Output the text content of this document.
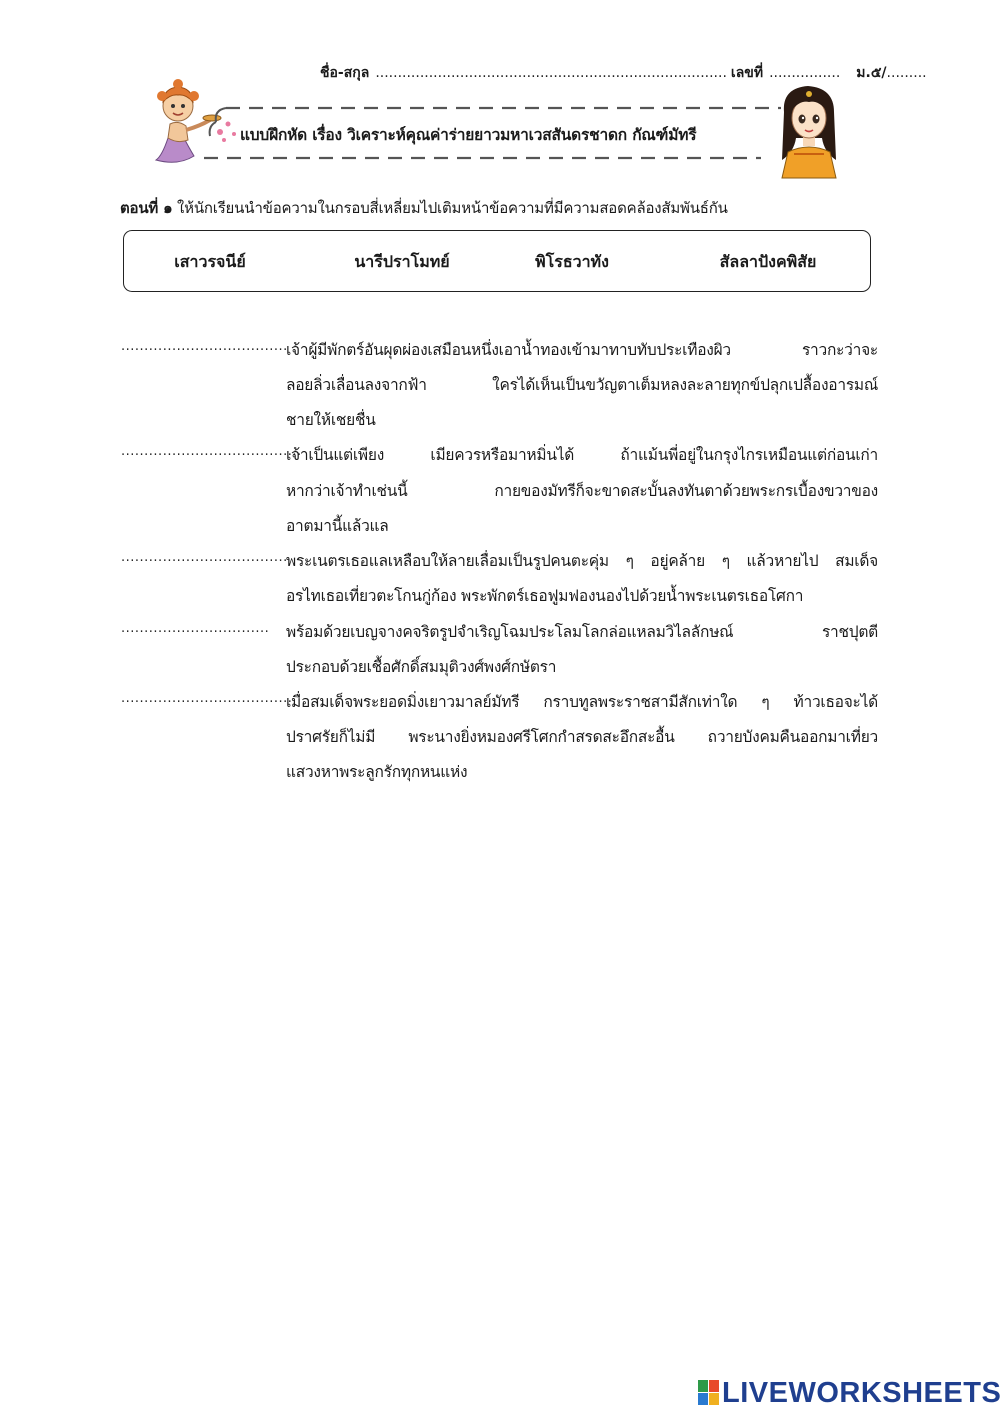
ชื่อ-สกุล ............................................................................... เลขที่ ................ ม.๕/ .........
แบบฝึกหัด เรื่อง วิเคราะห์คุณค่าร่ายยาวมหาเวสสันดรชาดก กัณฑ์มัทรี
ตอนที่ ๑ ให้นักเรียนนำข้อความในกรอบสี่เหลี่ยมไปเติมหน้าข้อความที่มีความสอดคล้องสัมพันธ์กัน
เสาวรจนีย์	นารีปราโมทย์	พิโรธวาทัง	สัลลาปังคพิสัย
....................................
เจ้าผู้มีพักตร์อันผุดผ่องเสมือนหนึ่งเอาน้ำทองเข้ามาทาบทับประเทืองผิว ราวกะว่าจะ
ลอยลิ่วเลื่อนลงจากฟ้า ใครได้เห็นเป็นขวัญตาเต็มหลงละลายทุกข์ปลุกเปลื้องอารมณ์
ชายให้เชยชื่น
.......................................
เจ้าเป็นแต่เพียง เมียควรหรือมาหมิ่นได้ ถ้าแม้นพี่อยู่ในกรุงไกรเหมือนแต่ก่อนเก่า
หากว่าเจ้าทำเช่นนี้ กายของมัทรีก็จะขาดสะบั้นลงทันตาด้วยพระกรเบื้องขวาของ
อาตมานี้แล้วแล
....................................
พระเนตรเธอแลเหลือบให้ลายเลื่อมเป็นรูปคนตะคุ่ม ๆ อยู่คล้าย ๆ แล้วหายไป สมเด็จ
อรไทเธอเที่ยวตะโกนกู่ก้อง พระพักตร์เธอฟูมฟองนองไปด้วยน้ำพระเนตรเธอโศกา
................................	พร้อมด้วยเบญจางคจริตรูปจำเริญโฉมประโลมโลกล่อแหลมวิไลลักษณ์ ราชปุตตี
ประกอบด้วยเชื้อศักดิ์สมมุติวงศ์พงศ์กษัตรา
.....................................
เมื่อสมเด็จพระยอดมิ่งเยาวมาลย์มัทรี กราบทูลพระราชสามีสักเท่าใด ๆ ท้าวเธอจะได้
ปราศรัยก็ไม่มี พระนางยิ่งหมองศรีโศกกำสรดสะอึกสะอื้น ถวายบังคมคืนออกมาเที่ยว
แสวงหาพระลูกรักทุกหนแห่ง
LIVEWORKSHEETS
